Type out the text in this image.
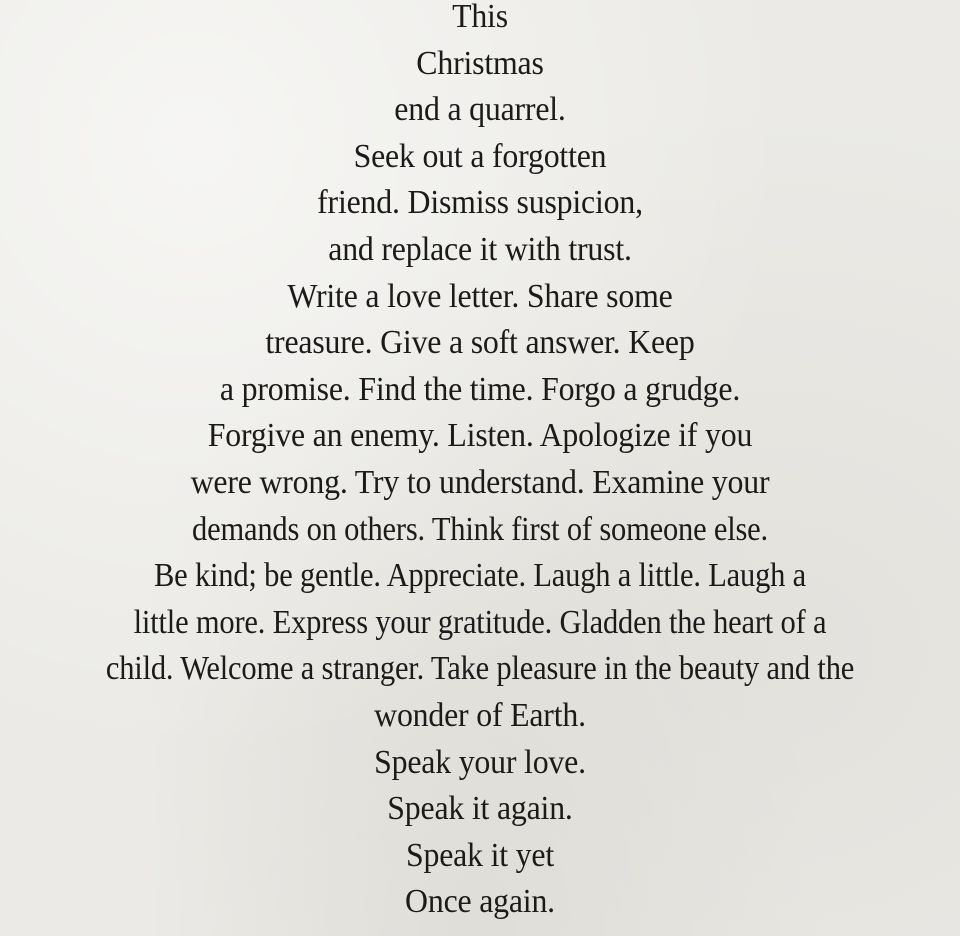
This
Christmas
end a quarrel.
Seek out a forgotten
friend. Dismiss suspicion,
and replace it with trust.
Write a love letter. Share some
treasure. Give a soft answer. Keep
a promise. Find the time. Forgo a grudge.
Forgive an enemy. Listen. Apologize if you
were wrong. Try to understand. Examine your
demands on others. Think first of someone else.
Be kind; be gentle. Appreciate. Laugh a little. Laugh a
little more. Express your gratitude. Gladden the heart of a
child. Welcome a stranger. Take pleasure in the beauty and the
wonder of Earth.
Speak your love.
Speak it again.
Speak it yet
Once again.
